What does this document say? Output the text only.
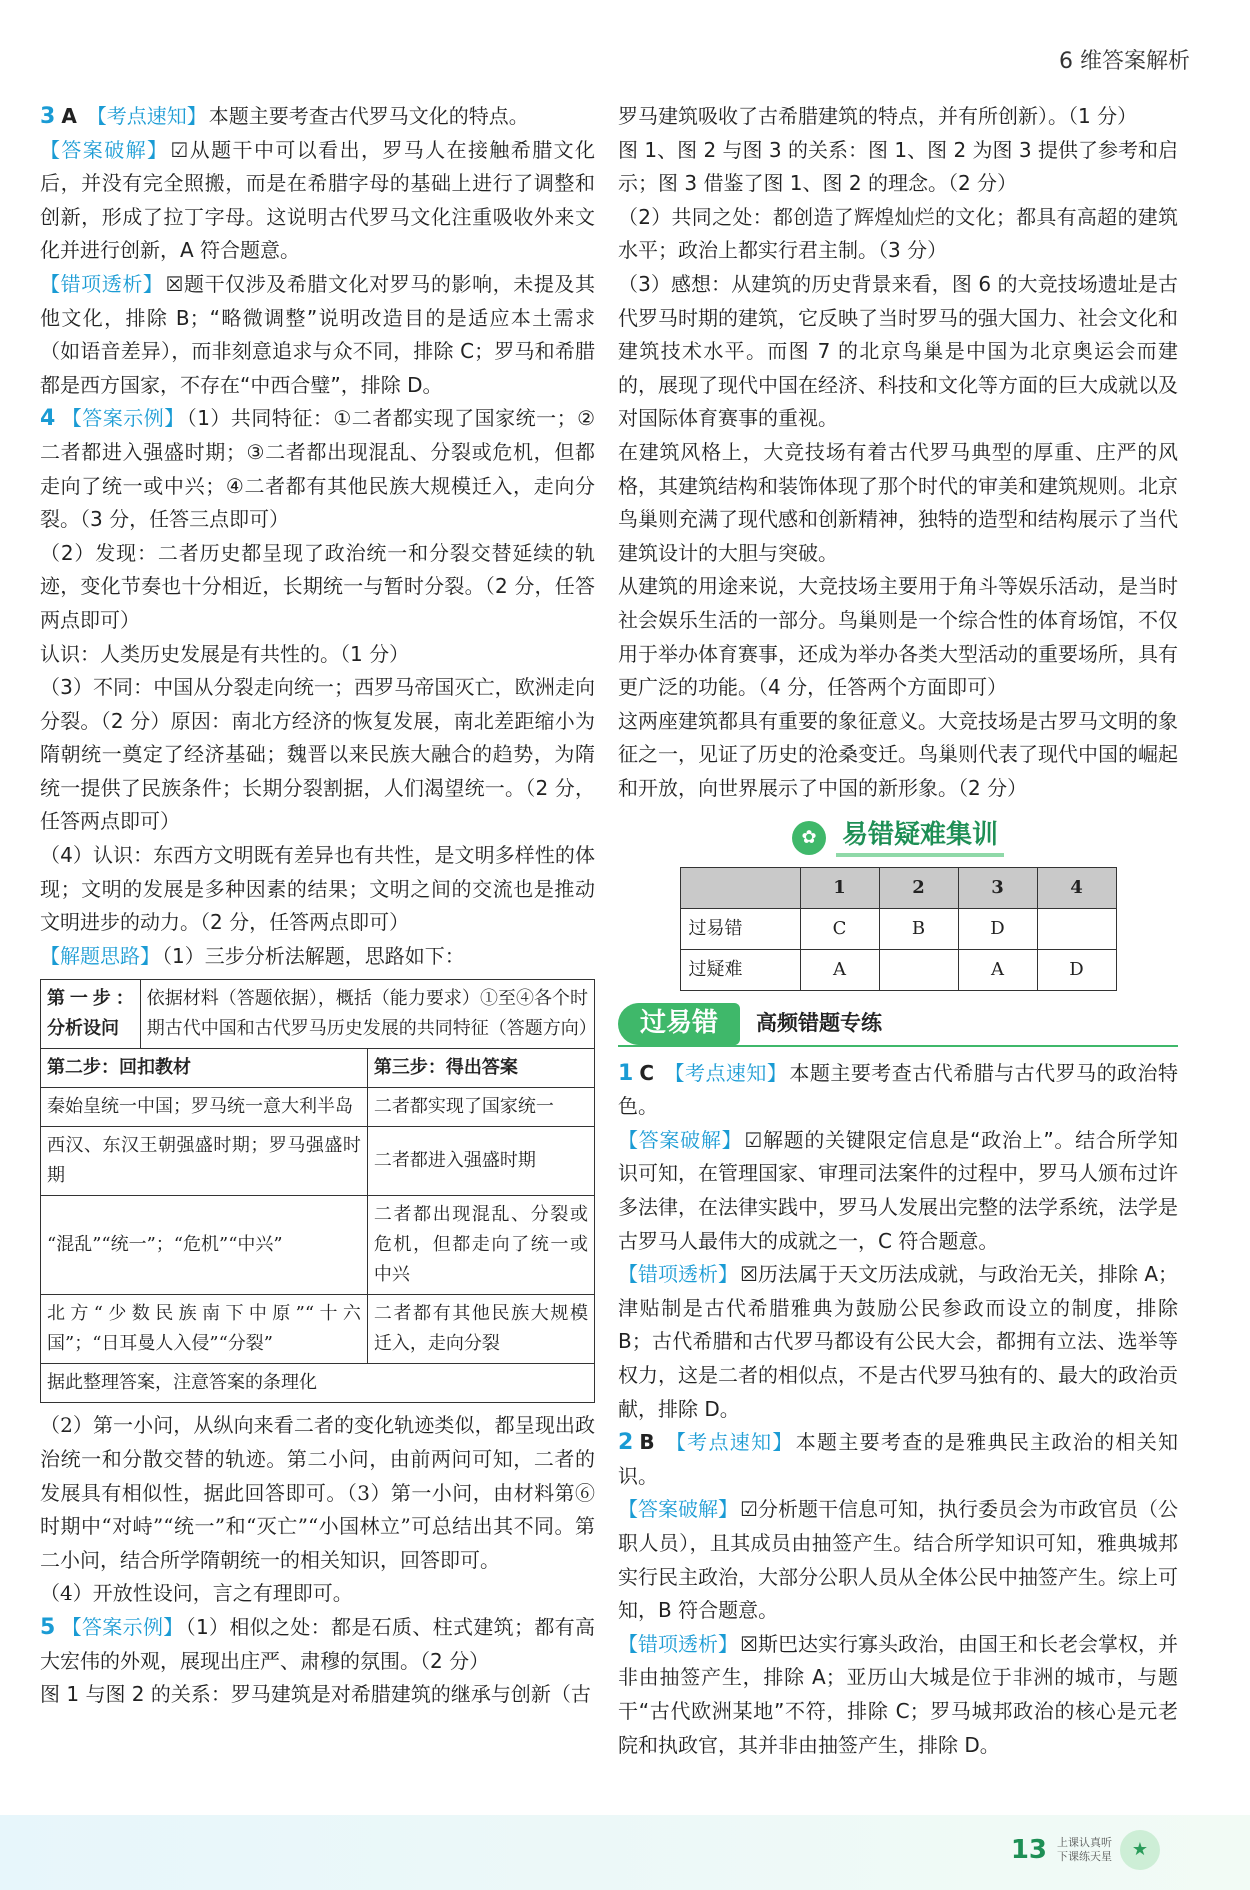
6 维答案解析

3 A 【考点速知】 本题主要考查古代罗马文化的特点。

【答案破解】 ☑从题干中可以看出，罗马人在接触希腊文化后，并没有完全照搬，而是在希腊字母的基础上进行了调整和创新，形成了拉丁字母。这说明古代罗马文化注重吸收外来文化并进行创新，A 符合题意。

【错项透析】 ☒题干仅涉及希腊文化对罗马的影响，未提及其他文化，排除 B；“略微调整”说明改造目的是适应本土需求（如语音差异），而非刻意追求与众不同，排除 C；罗马和希腊都是西方国家，不存在“中西合璧”，排除 D。

4 【答案示例】 （1）共同特征：①二者都实现了国家统一；②二者都进入强盛时期；③二者都出现混乱、分裂或危机，但都走向了统一或中兴；④二者都有其他民族大规模迁入，走向分裂。（3 分，任答三点即可）

（2）发现：二者历史都呈现了政治统一和分裂交替延续的轨迹，变化节奏也十分相近，长期统一与暂时分裂。（2 分，任答两点即可）

认识：人类历史发展是有共性的。（1 分）

（3）不同：中国从分裂走向统一；西罗马帝国灭亡，欧洲走向分裂。（2 分）原因：南北方经济的恢复发展，南北差距缩小为隋朝统一奠定了经济基础；魏晋以来民族大融合的趋势，为隋统一提供了民族条件；长期分裂割据，人们渴望统一。（2 分，任答两点即可）

（4）认识：东西方文明既有差异也有共性，是文明多样性的体现；文明的发展是多种因素的结果；文明之间的交流也是推动文明进步的动力。（2 分，任答两点即可）

【解题思路】 （1）三步分析法解题，思路如下：

第一步：分析设问	依据材料（答题依据），概括（能力要求）①至④各个时期古代中国和古代罗马历史发展的共同特征（答题方向）	
第二步：回扣教材		第三步：得出答案
秦始皇统一中国；罗马统一意大利半岛		二者都实现了国家统一
西汉、东汉王朝强盛时期；罗马强盛时期		二者都进入强盛时期
“混乱”“统一”；“危机”“中兴”		二者都出现混乱、分裂或危机，但都走向了统一或中兴
北方“少数民族南下中原”“十六国”；“日耳曼人入侵”“分裂”		二者都有其他民族大规模迁入，走向分裂
据此整理答案，注意答案的条理化		

（2）第一小问，从纵向来看二者的变化轨迹类似，都呈现出政治统一和分散交替的轨迹。第二小问，由前两问可知，二者的发展具有相似性，据此回答即可。（3）第一小问，由材料第⑥时期中“对峙”“统一”和“灭亡”“小国林立”可总结出其不同。第二小问，结合所学隋朝统一的相关知识，回答即可。

（4）开放性设问，言之有理即可。

5 【答案示例】 （1）相似之处：都是石质、柱式建筑；都有高大宏伟的外观，展现出庄严、肃穆的氛围。（2 分）

图 1 与图 2 的关系：罗马建筑是对希腊建筑的继承与创新（古

罗马建筑吸收了古希腊建筑的特点，并有所创新）。（1 分）

图 1、图 2 与图 3 的关系：图 1、图 2 为图 3 提供了参考和启示；图 3 借鉴了图 1、图 2 的理念。（2 分）

（2）共同之处：都创造了辉煌灿烂的文化；都具有高超的建筑水平；政治上都实行君主制。（3 分）

（3）感想：从建筑的历史背景来看，图 6 的大竞技场遗址是古代罗马时期的建筑，它反映了当时罗马的强大国力、社会文化和建筑技术水平。而图 7 的北京鸟巢是中国为北京奥运会而建的，展现了现代中国在经济、科技和文化等方面的巨大成就以及对国际体育赛事的重视。

在建筑风格上，大竞技场有着古代罗马典型的厚重、庄严的风格，其建筑结构和装饰体现了那个时代的审美和建筑规则。北京鸟巢则充满了现代感和创新精神，独特的造型和结构展示了当代建筑设计的大胆与突破。

从建筑的用途来说，大竞技场主要用于角斗等娱乐活动，是当时社会娱乐生活的一部分。鸟巢则是一个综合性的体育场馆，不仅用于举办体育赛事，还成为举办各类大型活动的重要场所，具有更广泛的功能。（4 分，任答两个方面即可）

这两座建筑都具有重要的象征意义。大竞技场是古罗马文明的象征之一，见证了历史的沧桑变迁。鸟巢则代表了现代中国的崛起和开放，向世界展示了中国的新形象。（2 分）

✿ 易错疑难集训
	1	2	3	4
过易错	C	B	D	
过疑难	A		A	D
过易错	高频错题专练

1 C 【考点速知】 本题主要考查古代希腊与古代罗马的政治特色。

【答案破解】 ☑解题的关键限定信息是“政治上”。结合所学知识可知，在管理国家、审理司法案件的过程中，罗马人颁布过许多法律，在法律实践中，罗马人发展出完整的法学系统，法学是古罗马人最伟大的成就之一，C 符合题意。

【错项透析】 ☒历法属于天文历法成就，与政治无关，排除 A；津贴制是古代希腊雅典为鼓励公民参政而设立的制度，排除 B；古代希腊和古代罗马都设有公民大会，都拥有立法、选举等权力，这是二者的相似点，不是古代罗马独有的、最大的政治贡献，排除 D。

2 B 【考点速知】 本题主要考查的是雅典民主政治的相关知识。

【答案破解】 ☑分析题干信息可知，执行委员会为市政官员（公职人员），且其成员由抽签产生。结合所学知识可知，雅典城邦实行民主政治，大部分公职人员从全体公民中抽签产生。综上可知，B 符合题意。

【错项透析】 ☒斯巴达实行寡头政治，由国王和长老会掌权，并非由抽签产生，排除 A；亚历山大城是位于非洲的城市，与题干“古代欧洲某地”不符，排除 C；罗马城邦政治的核心是元老院和执政官，其并非由抽签产生，排除 D。

13 上课认真听
下课练天星	★
